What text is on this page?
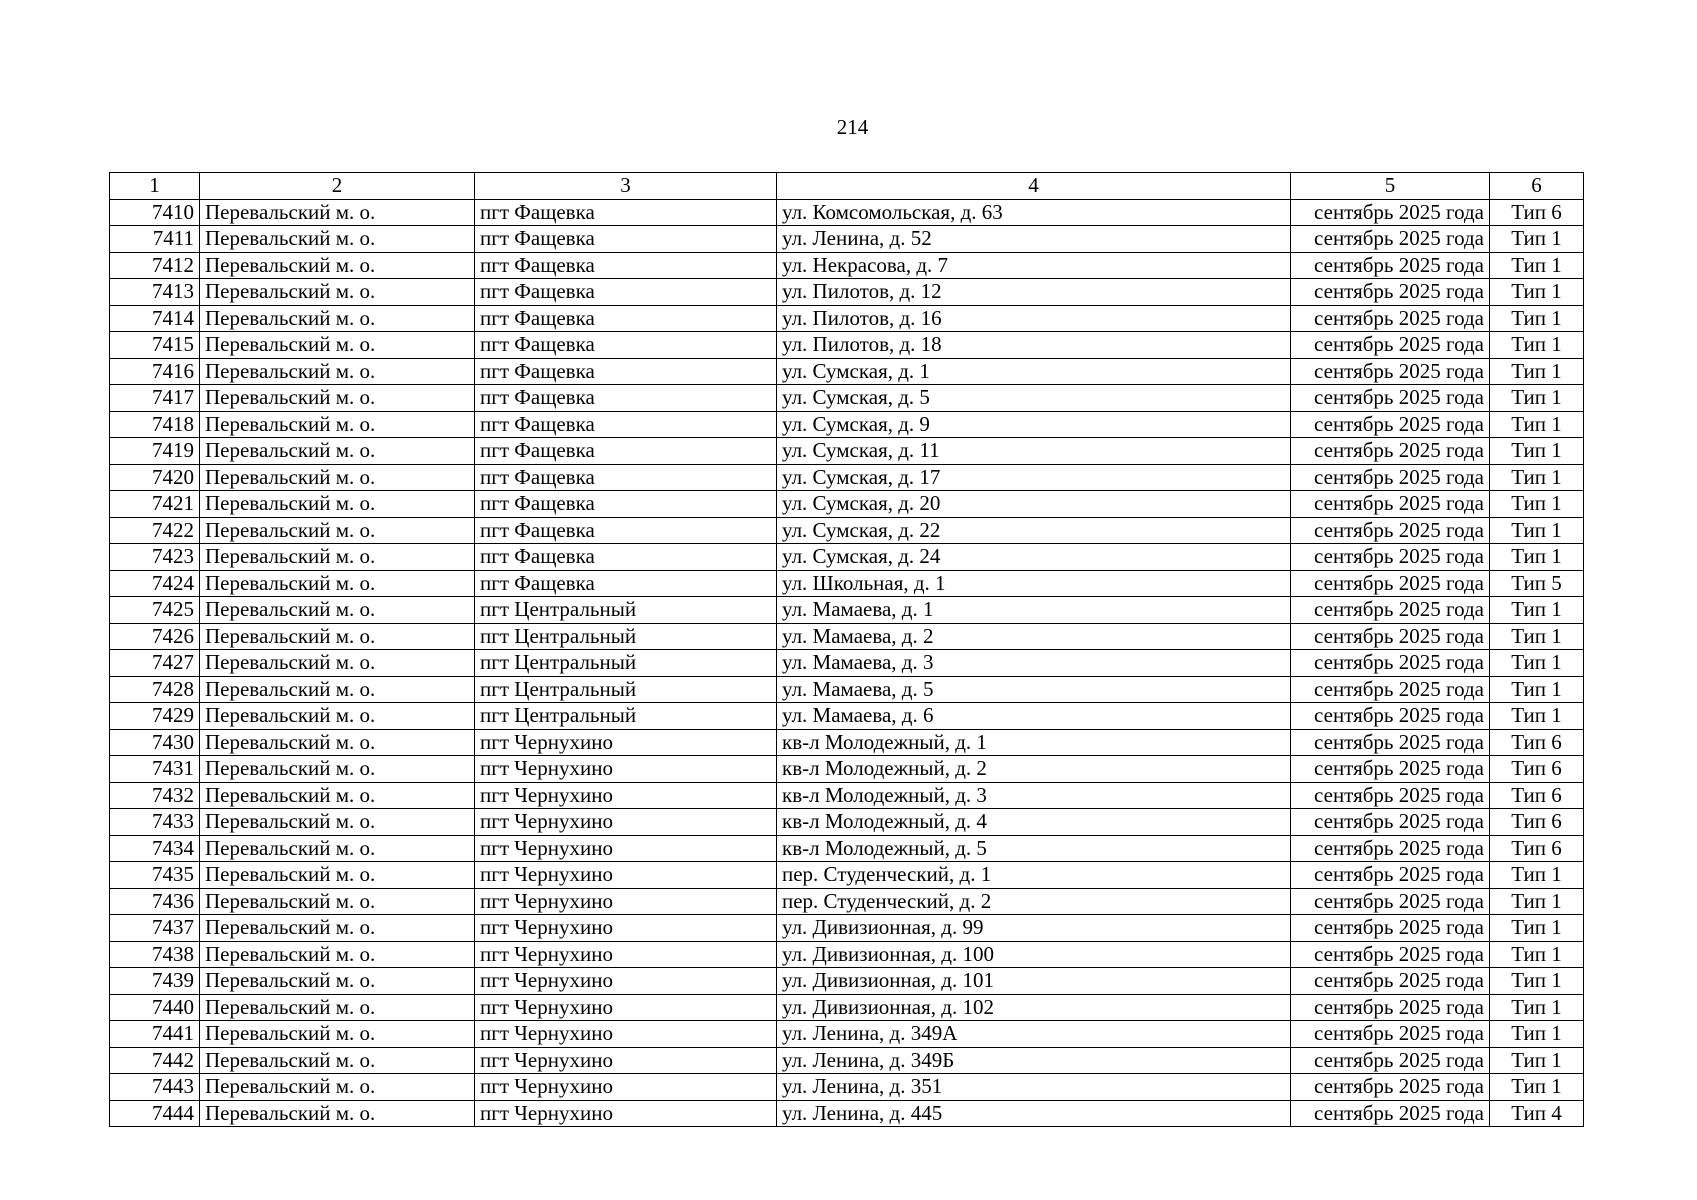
214
1	2	3	4	5	6
7410	Перевальский м. о.	пгт Фащевка	ул. Комсомольская, д. 63	сентябрь 2025 года	Тип 6
7411	Перевальский м. о.	пгт Фащевка	ул. Ленина, д. 52	сентябрь 2025 года	Тип 1
7412	Перевальский м. о.	пгт Фащевка	ул. Некрасова, д. 7	сентябрь 2025 года	Тип 1
7413	Перевальский м. о.	пгт Фащевка	ул. Пилотов, д. 12	сентябрь 2025 года	Тип 1
7414	Перевальский м. о.	пгт Фащевка	ул. Пилотов, д. 16	сентябрь 2025 года	Тип 1
7415	Перевальский м. о.	пгт Фащевка	ул. Пилотов, д. 18	сентябрь 2025 года	Тип 1
7416	Перевальский м. о.	пгт Фащевка	ул. Сумская, д. 1	сентябрь 2025 года	Тип 1
7417	Перевальский м. о.	пгт Фащевка	ул. Сумская, д. 5	сентябрь 2025 года	Тип 1
7418	Перевальский м. о.	пгт Фащевка	ул. Сумская, д. 9	сентябрь 2025 года	Тип 1
7419	Перевальский м. о.	пгт Фащевка	ул. Сумская, д. 11	сентябрь 2025 года	Тип 1
7420	Перевальский м. о.	пгт Фащевка	ул. Сумская, д. 17	сентябрь 2025 года	Тип 1
7421	Перевальский м. о.	пгт Фащевка	ул. Сумская, д. 20	сентябрь 2025 года	Тип 1
7422	Перевальский м. о.	пгт Фащевка	ул. Сумская, д. 22	сентябрь 2025 года	Тип 1
7423	Перевальский м. о.	пгт Фащевка	ул. Сумская, д. 24	сентябрь 2025 года	Тип 1
7424	Перевальский м. о.	пгт Фащевка	ул. Школьная, д. 1	сентябрь 2025 года	Тип 5
7425	Перевальский м. о.	пгт Центральный	ул. Мамаева, д. 1	сентябрь 2025 года	Тип 1
7426	Перевальский м. о.	пгт Центральный	ул. Мамаева, д. 2	сентябрь 2025 года	Тип 1
7427	Перевальский м. о.	пгт Центральный	ул. Мамаева, д. 3	сентябрь 2025 года	Тип 1
7428	Перевальский м. о.	пгт Центральный	ул. Мамаева, д. 5	сентябрь 2025 года	Тип 1
7429	Перевальский м. о.	пгт Центральный	ул. Мамаева, д. 6	сентябрь 2025 года	Тип 1
7430	Перевальский м. о.	пгт Чернухино	кв-л Молодежный, д. 1	сентябрь 2025 года	Тип 6
7431	Перевальский м. о.	пгт Чернухино	кв-л Молодежный, д. 2	сентябрь 2025 года	Тип 6
7432	Перевальский м. о.	пгт Чернухино	кв-л Молодежный, д. 3	сентябрь 2025 года	Тип 6
7433	Перевальский м. о.	пгт Чернухино	кв-л Молодежный, д. 4	сентябрь 2025 года	Тип 6
7434	Перевальский м. о.	пгт Чернухино	кв-л Молодежный, д. 5	сентябрь 2025 года	Тип 6
7435	Перевальский м. о.	пгт Чернухино	пер. Студенческий, д. 1	сентябрь 2025 года	Тип 1
7436	Перевальский м. о.	пгт Чернухино	пер. Студенческий, д. 2	сентябрь 2025 года	Тип 1
7437	Перевальский м. о.	пгт Чернухино	ул. Дивизионная, д. 99	сентябрь 2025 года	Тип 1
7438	Перевальский м. о.	пгт Чернухино	ул. Дивизионная, д. 100	сентябрь 2025 года	Тип 1
7439	Перевальский м. о.	пгт Чернухино	ул. Дивизионная, д. 101	сентябрь 2025 года	Тип 1
7440	Перевальский м. о.	пгт Чернухино	ул. Дивизионная, д. 102	сентябрь 2025 года	Тип 1
7441	Перевальский м. о.	пгт Чернухино	ул. Ленина, д. 349А	сентябрь 2025 года	Тип 1
7442	Перевальский м. о.	пгт Чернухино	ул. Ленина, д. 349Б	сентябрь 2025 года	Тип 1
7443	Перевальский м. о.	пгт Чернухино	ул. Ленина, д. 351	сентябрь 2025 года	Тип 1
7444	Перевальский м. о.	пгт Чернухино	ул. Ленина, д. 445	сентябрь 2025 года	Тип 4
